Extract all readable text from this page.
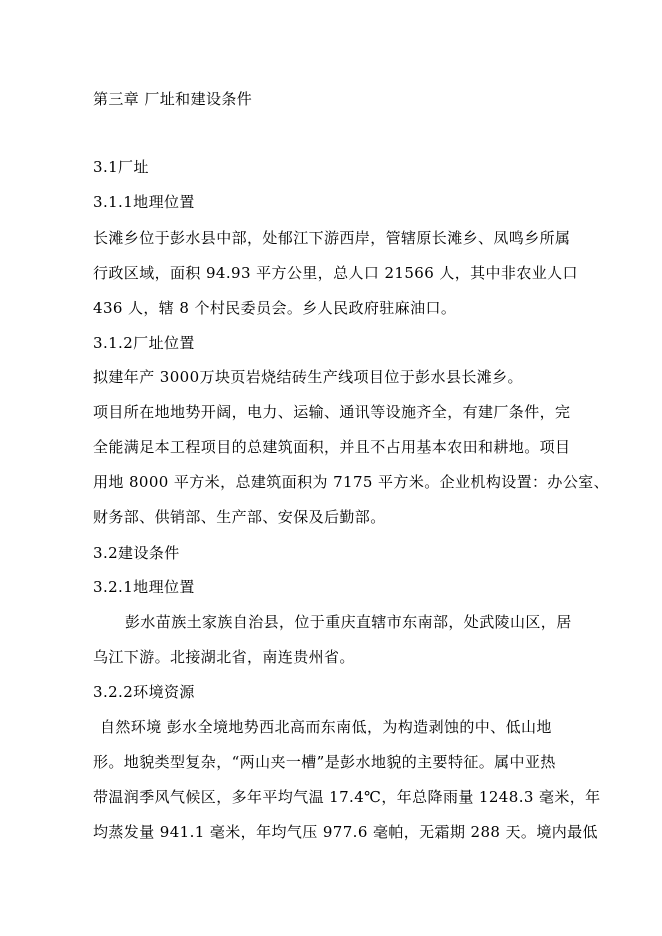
第三章 厂址和建设条件
3.1厂址
3.1.1地理位置
长滩乡位于彭水县中部，处郁江下游西岸，管辖原长滩乡、凤鸣乡所属
行政区域，面积 94.93 平方公里，总人口 21566 人，其中非农业人口
436 人，辖 8 个村民委员会。乡人民政府驻麻油口。
3.1.2厂址位置
拟建年产 3000万块页岩烧结砖生产线项目位于彭水县长滩乡。
项目所在地地势开阔，电力、运输、通讯等设施齐全，有建厂条件，完
全能满足本工程项目的总建筑面积，并且不占用基本农田和耕地。项目
用地 8000 平方米，总建筑面积为 7175 平方米。企业机构设置：办公室、
财务部、供销部、生产部、安保及后勤部。
3.2建设条件
3.2.1地理位置
彭水苗族土家族自治县，位于重庆直辖市东南部，处武陵山区，居
乌江下游。北接湖北省，南连贵州省。
3.2.2环境资源
自然环境 彭水全境地势西北高而东南低，为构造剥蚀的中、低山地
形。地貌类型复杂，“两山夹一槽”是彭水地貌的主要特征。属中亚热
带温润季风气候区，多年平均气温 17.4℃，年总降雨量 1248.3 毫米，年
均蒸发量 941.1 毫米，年均气压 977.6 毫帕，无霜期 288 天。境内最低
